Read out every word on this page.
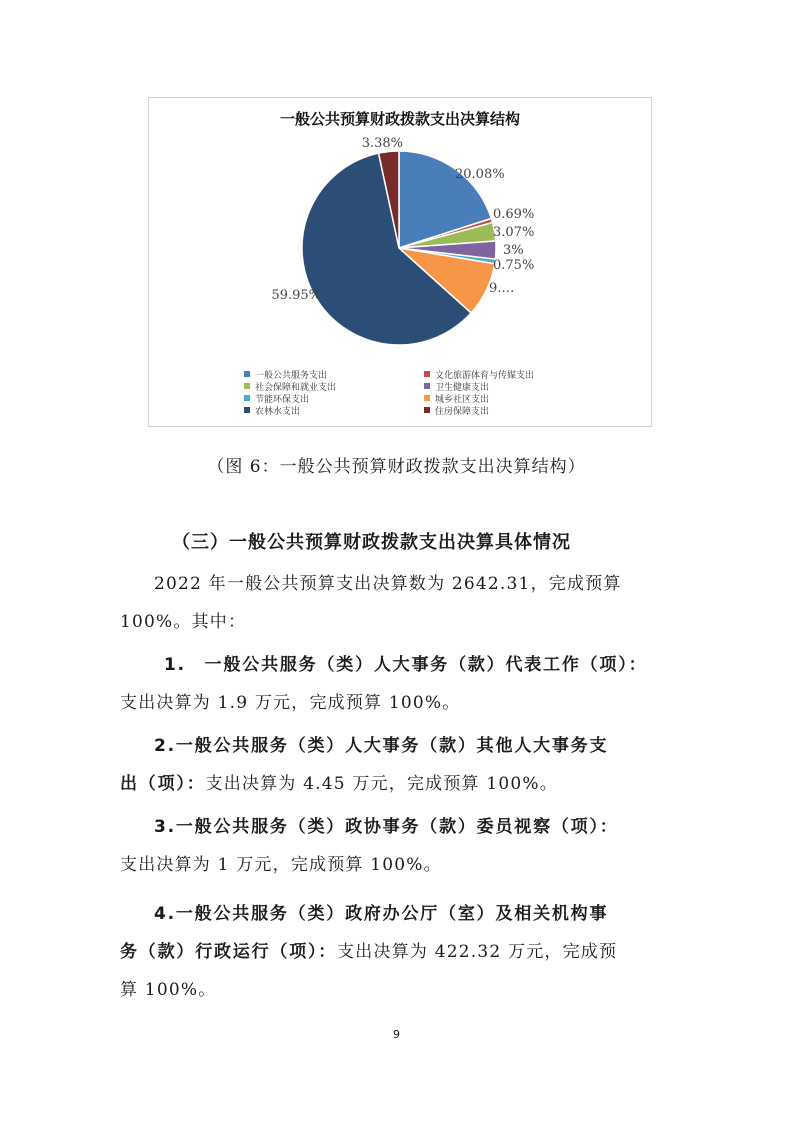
一般公共预算财政拨款支出决算结构
20.08%
0.69%
3.07%
3%
0.75%
9.…
59.95%
3.38%
一般公共服务支出	文化旅游体育与传媒支出
社会保障和就业支出	卫生健康支出
节能环保支出	城乡社区支出
农林水支出	住房保障支出
（图 6：一般公共预算财政拨款支出决算结构）
（三）一般公共预算财政拨款支出决算具体情况
2022 年一般公共预算支出决算数为 2642.31，完成预算
100%。其中：
1.　一般公共服务（类）人大事务（款）代表工作（项）：
支出决算为 1.9 万元，完成预算 100%。
2.一般公共服务（类）人大事务（款）其他人大事务支
出（项）：支出决算为 4.45 万元，完成预算 100%。
3.一般公共服务（类）政协事务（款）委员视察（项）：
支出决算为 1 万元，完成预算 100%。
4.一般公共服务（类）政府办公厅（室）及相关机构事
务（款）行政运行（项）：支出决算为 422.32 万元，完成预
算 100%。
9
